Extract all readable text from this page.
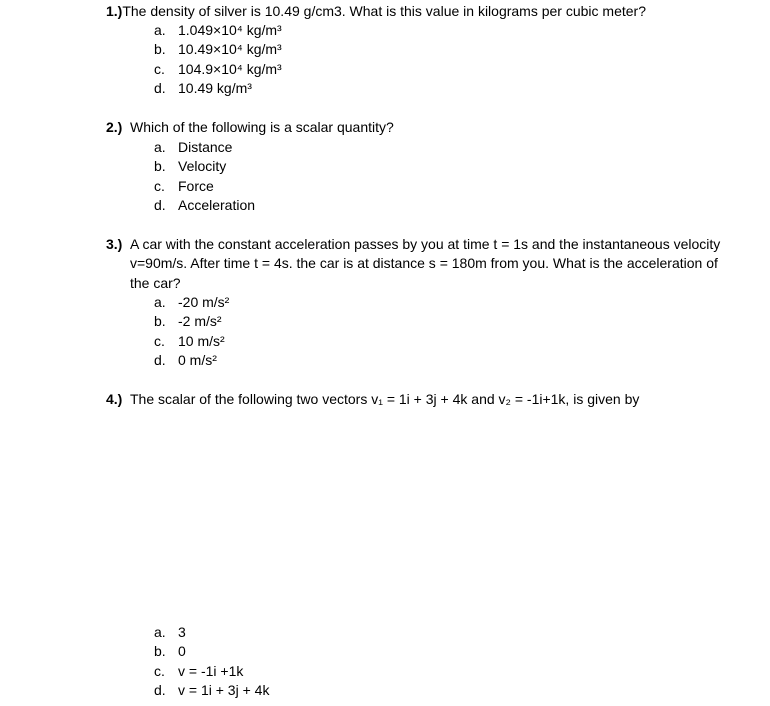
1.)The density of silver is 10.49 g/cm3. What is this value in kilograms per cubic meter?
a. 1.049×10⁴ kg/m³
b. 10.49×10⁴ kg/m³
c. 104.9×10⁴ kg/m³
d. 10.49 kg/m³
2.) Which of the following is a scalar quantity?
a. Distance
b. Velocity
c. Force
d. Acceleration
3.) A car with the constant acceleration passes by you at time t = 1s and the instantaneous velocity v=90m/s. After time t = 4s. the car is at distance s = 180m from you. What is the acceleration of the car?
a. -20 m/s²
b. -2 m/s²
c. 10 m/s²
d. 0 m/s²
4.) The scalar of the following two vectors v₁ = 1i + 3j + 4k and v₂ = -1i+1k, is given by
a. 3
b. 0
c. v = -1i +1k
d. v = 1i + 3j + 4k
